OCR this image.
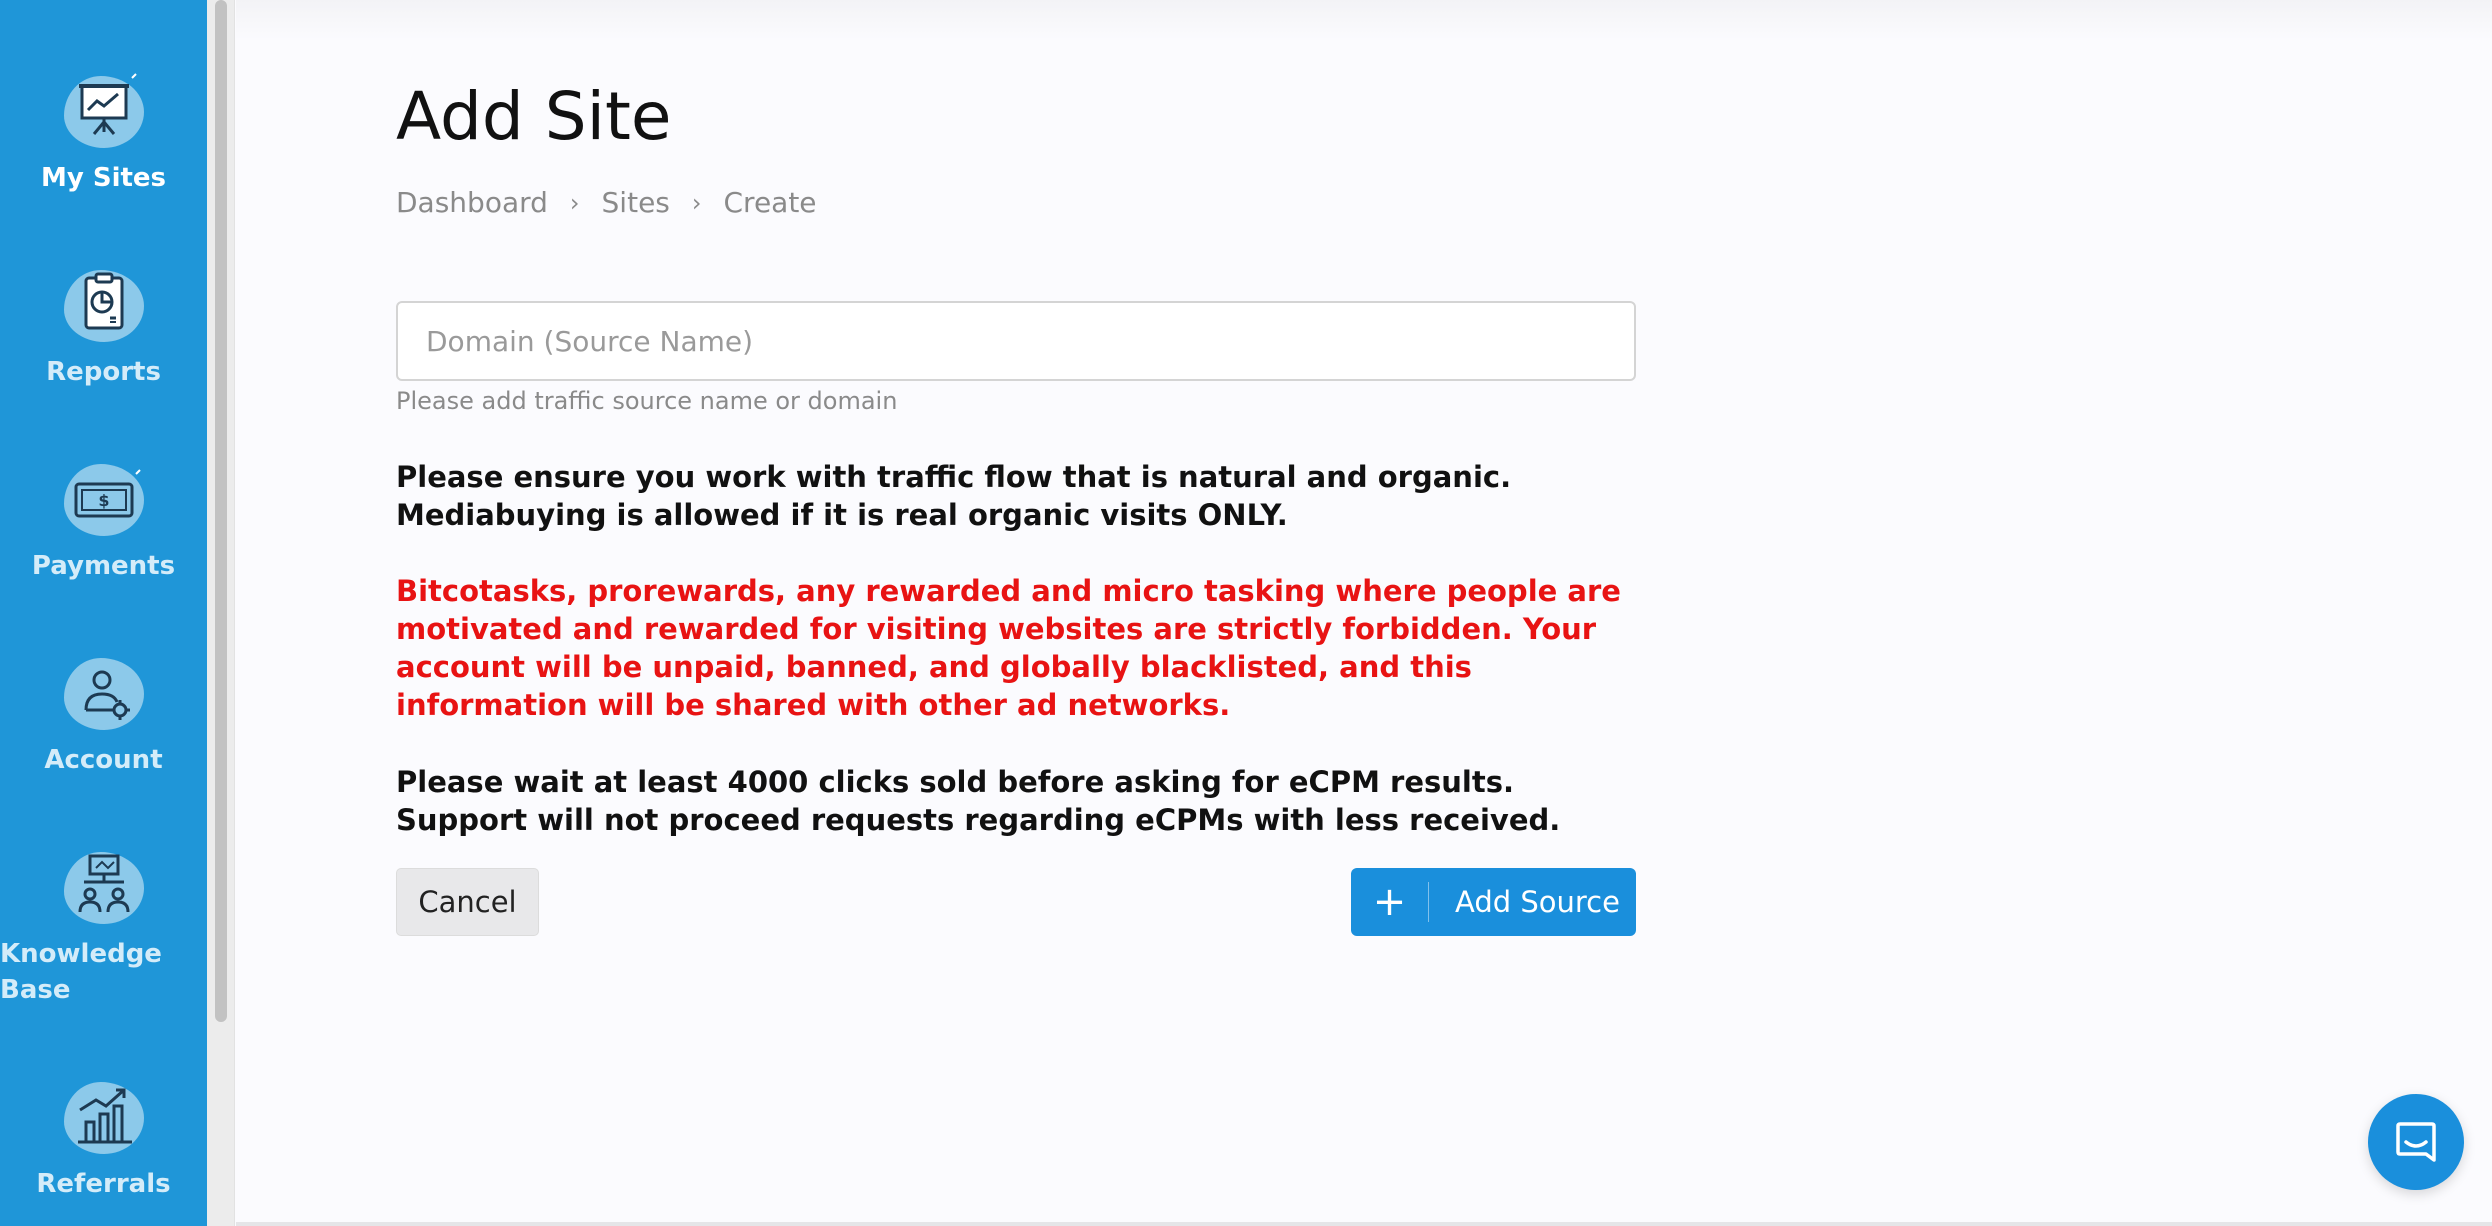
My Sites
Reports
$
Payments
Account
Knowledge
Base
Referrals
Add Site
Dashboard › Sites › Create
Domain (Source Name)
Please add traffic source name or domain

Please ensure you work with traffic flow that is natural and organic. Mediabuying is allowed if it is real organic visits ONLY.

Bitcotasks, prorewards, any rewarded and micro tasking where people are motivated and rewarded for visiting websites are strictly forbidden. Your account will be unpaid, banned, and globally blacklisted, and this information will be shared with other ad networks.

Please wait at least 4000 clicks sold before asking for eCPM results. Support will not proceed requests regarding eCPMs with less received.

Cancel	+	Add Source
